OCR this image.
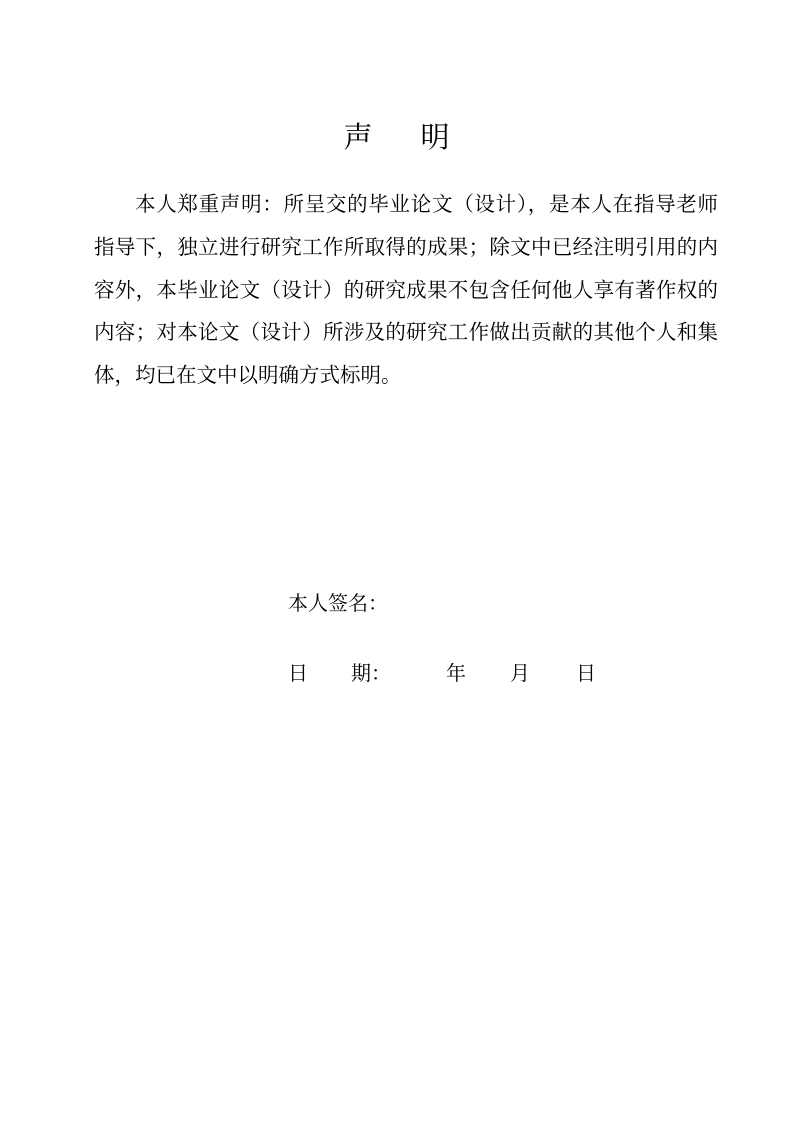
声 明

本人郑重声明：所呈交的毕业论文（设计），是本人在指导老师指导下，独立进行研究工作所取得的成果；除文中已经注明引用的内容外，本毕业论文（设计）的研究成果不包含任何他人享有著作权的内容；对本论文（设计）所涉及的研究工作做出贡献的其他个人和集体，均已在文中以明确方式标明。

本人签名：
日 期：	年 月 日
